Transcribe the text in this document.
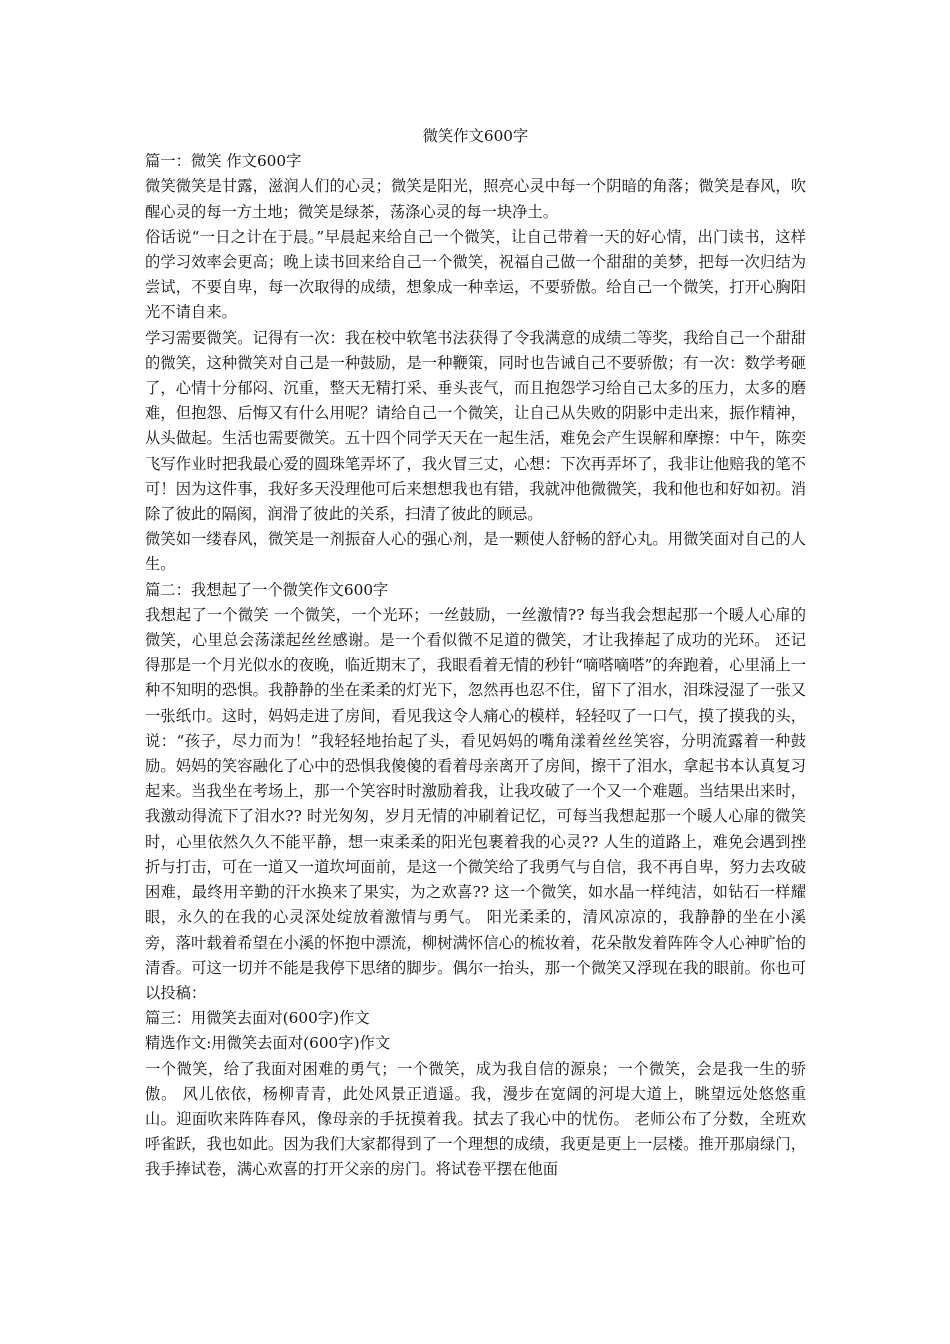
微笑作文600字

篇一：微笑 作文600字

微笑微笑是甘露，滋润人们的心灵；微笑是阳光，照亮心灵中每一个阴暗的角落；微笑是春风，吹醒心灵的每一方土地；微笑是绿茶，荡涤心灵的每一块净土。

俗话说“一日之计在于晨。”早晨起来给自己一个微笑，让自己带着一天的好心情，出门读书，这样的学习效率会更高；晚上读书回来给自己一个微笑，祝福自己做一个甜甜的美梦，把每一次归结为尝试，不要自卑，每一次取得的成绩，想象成一种幸运，不要骄傲。给自己一个微笑，打开心胸阳光不请自来。

学习需要微笑。记得有一次：我在校中软笔书法获得了令我满意的成绩二等奖，我给自己一个甜甜的微笑，这种微笑对自己是一种鼓励，是一种鞭策，同时也告诫自己不要骄傲；有一次：数学考砸了，心情十分郁闷、沉重，整天无精打采、垂头丧气，而且抱怨学习给自己太多的压力，太多的磨难，但抱怨、后悔又有什么用呢？请给自己一个微笑，让自己从失败的阴影中走出来，振作精神，从头做起。生活也需要微笑。五十四个同学天天在一起生活，难免会产生误解和摩擦：中午，陈奕飞写作业时把我最心爱的圆珠笔弄坏了，我火冒三丈，心想：下次再弄坏了，我非让他赔我的笔不可！因为这件事，我好多天没理他可后来想想我也有错，我就冲他微微笑，我和他也和好如初。消除了彼此的隔阂，润滑了彼此的关系，扫清了彼此的顾忌。

微笑如一缕春风，微笑是一剂振奋人心的强心剂，是一颗使人舒畅的舒心丸。用微笑面对自己的人生。

篇二：我想起了一个微笑作文600字

我想起了一个微笑 一个微笑，一个光环；一丝鼓励，一丝激情?? 每当我会想起那一个暖人心扉的微笑，心里总会荡漾起丝丝感谢。是一个看似微不足道的微笑，才让我捧起了成功的光环。 还记得那是一个月光似水的夜晚，临近期末了，我眼看着无情的秒针“嘀嗒嘀嗒”的奔跑着，心里涌上一种不知明的恐惧。我静静的坐在柔柔的灯光下，忽然再也忍不住，留下了泪水，泪珠浸湿了一张又一张纸巾。这时，妈妈走进了房间，看见我这令人痛心的模样，轻轻叹了一口气，摸了摸我的头，说：“孩子，尽力而为！”我轻轻地抬起了头，看见妈妈的嘴角漾着丝丝笑容，分明流露着一种鼓励。妈妈的笑容融化了心中的恐惧我傻傻的看着母亲离开了房间，擦干了泪水，拿起书本认真复习起来。当我坐在考场上，那一个笑容时时激励着我，让我攻破了一个又一个难题。当结果出来时，我激动得流下了泪水?? 时光匆匆，岁月无情的冲刷着记忆，可每当我想起那一个暖人心扉的微笑时，心里依然久久不能平静，想一束柔柔的阳光包裹着我的心灵?? 人生的道路上，难免会遇到挫折与打击，可在一道又一道坎坷面前，是这一个微笑给了我勇气与自信，我不再自卑，努力去攻破困难，最终用辛勤的汗水换来了果实，为之欢喜?? 这一个微笑，如水晶一样纯洁，如钻石一样耀眼，永久的在我的心灵深处绽放着激情与勇气。 阳光柔柔的，清风凉凉的，我静静的坐在小溪旁，落叶载着希望在小溪的怀抱中漂流，柳树满怀信心的梳妆着，花朵散发着阵阵令人心神旷怡的清香。可这一切并不能是我停下思绪的脚步。偶尔一抬头，那一个微笑又浮现在我的眼前。你也可以投稿：

篇三：用微笑去面对(600字)作文

精选作文:用微笑去面对(600字)作文

一个微笑，给了我面对困难的勇气；一个微笑，成为我自信的源泉；一个微笑，会是我一生的骄傲。 风儿依依，杨柳青青，此处风景正逍遥。我，漫步在宽阔的河堤大道上，眺望远处悠悠重山。迎面吹来阵阵春风，像母亲的手抚摸着我。拭去了我心中的忧伤。 老师公布了分数，全班欢呼雀跃，我也如此。因为我们大家都得到了一个理想的成绩，我更是更上一层楼。推开那扇绿门，我手捧试卷，满心欢喜的打开父亲的房门。将试卷平摆在他面
